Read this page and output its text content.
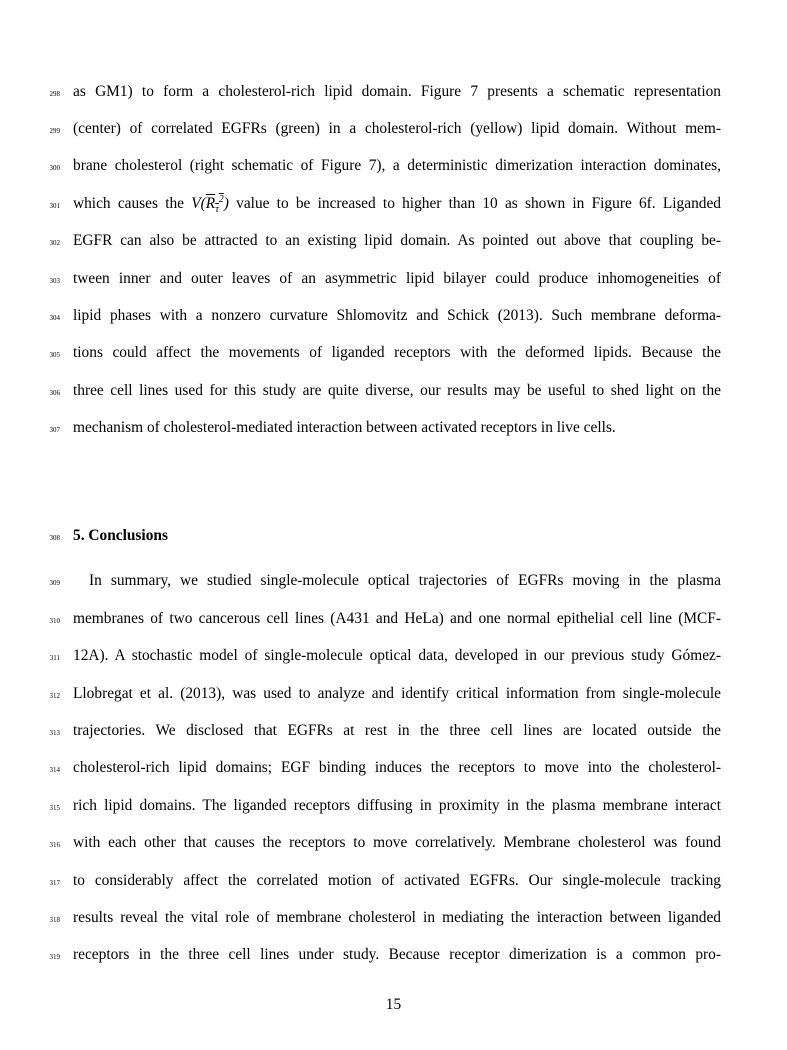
298 as GM1) to form a cholesterol-rich lipid domain. Figure 7 presents a schematic representation
299 (center) of correlated EGFRs (green) in a cholesterol-rich (yellow) lipid domain. Without mem-
300 brane cholesterol (right schematic of Figure 7), a deterministic dimerization interaction dominates,
301 which causes the $V(R_\tau^2)$ value to be increased to higher than 10 as shown in Figure 6f. Liganded
302 EGFR can also be attracted to an existing lipid domain. As pointed out above that coupling be-
303 tween inner and outer leaves of an asymmetric lipid bilayer could produce inhomogeneities of
304 lipid phases with a nonzero curvature Shlomovitz and Schick (2013). Such membrane deforma-
305 tions could affect the movements of liganded receptors with the deformed lipids. Because the
306 three cell lines used for this study are quite diverse, our results may be useful to shed light on the
307 mechanism of cholesterol-mediated interaction between activated receptors in live cells.
308 5. Conclusions
309 In summary, we studied single-molecule optical trajectories of EGFRs moving in the plasma
310 membranes of two cancerous cell lines (A431 and HeLa) and one normal epithelial cell line (MCF-
311 12A). A stochastic model of single-molecule optical data, developed in our previous study Gómez-
312 Llobregat et al. (2013), was used to analyze and identify critical information from single-molecule
313 trajectories. We disclosed that EGFRs at rest in the three cell lines are located outside the
314 cholesterol-rich lipid domains; EGF binding induces the receptors to move into the cholesterol-
315 rich lipid domains. The liganded receptors diffusing in proximity in the plasma membrane interact
316 with each other that causes the receptors to move correlatively. Membrane cholesterol was found
317 to considerably affect the correlated motion of activated EGFRs. Our single-molecule tracking
318 results reveal the vital role of membrane cholesterol in mediating the interaction between liganded
319 receptors in the three cell lines under study. Because receptor dimerization is a common pro-
15
